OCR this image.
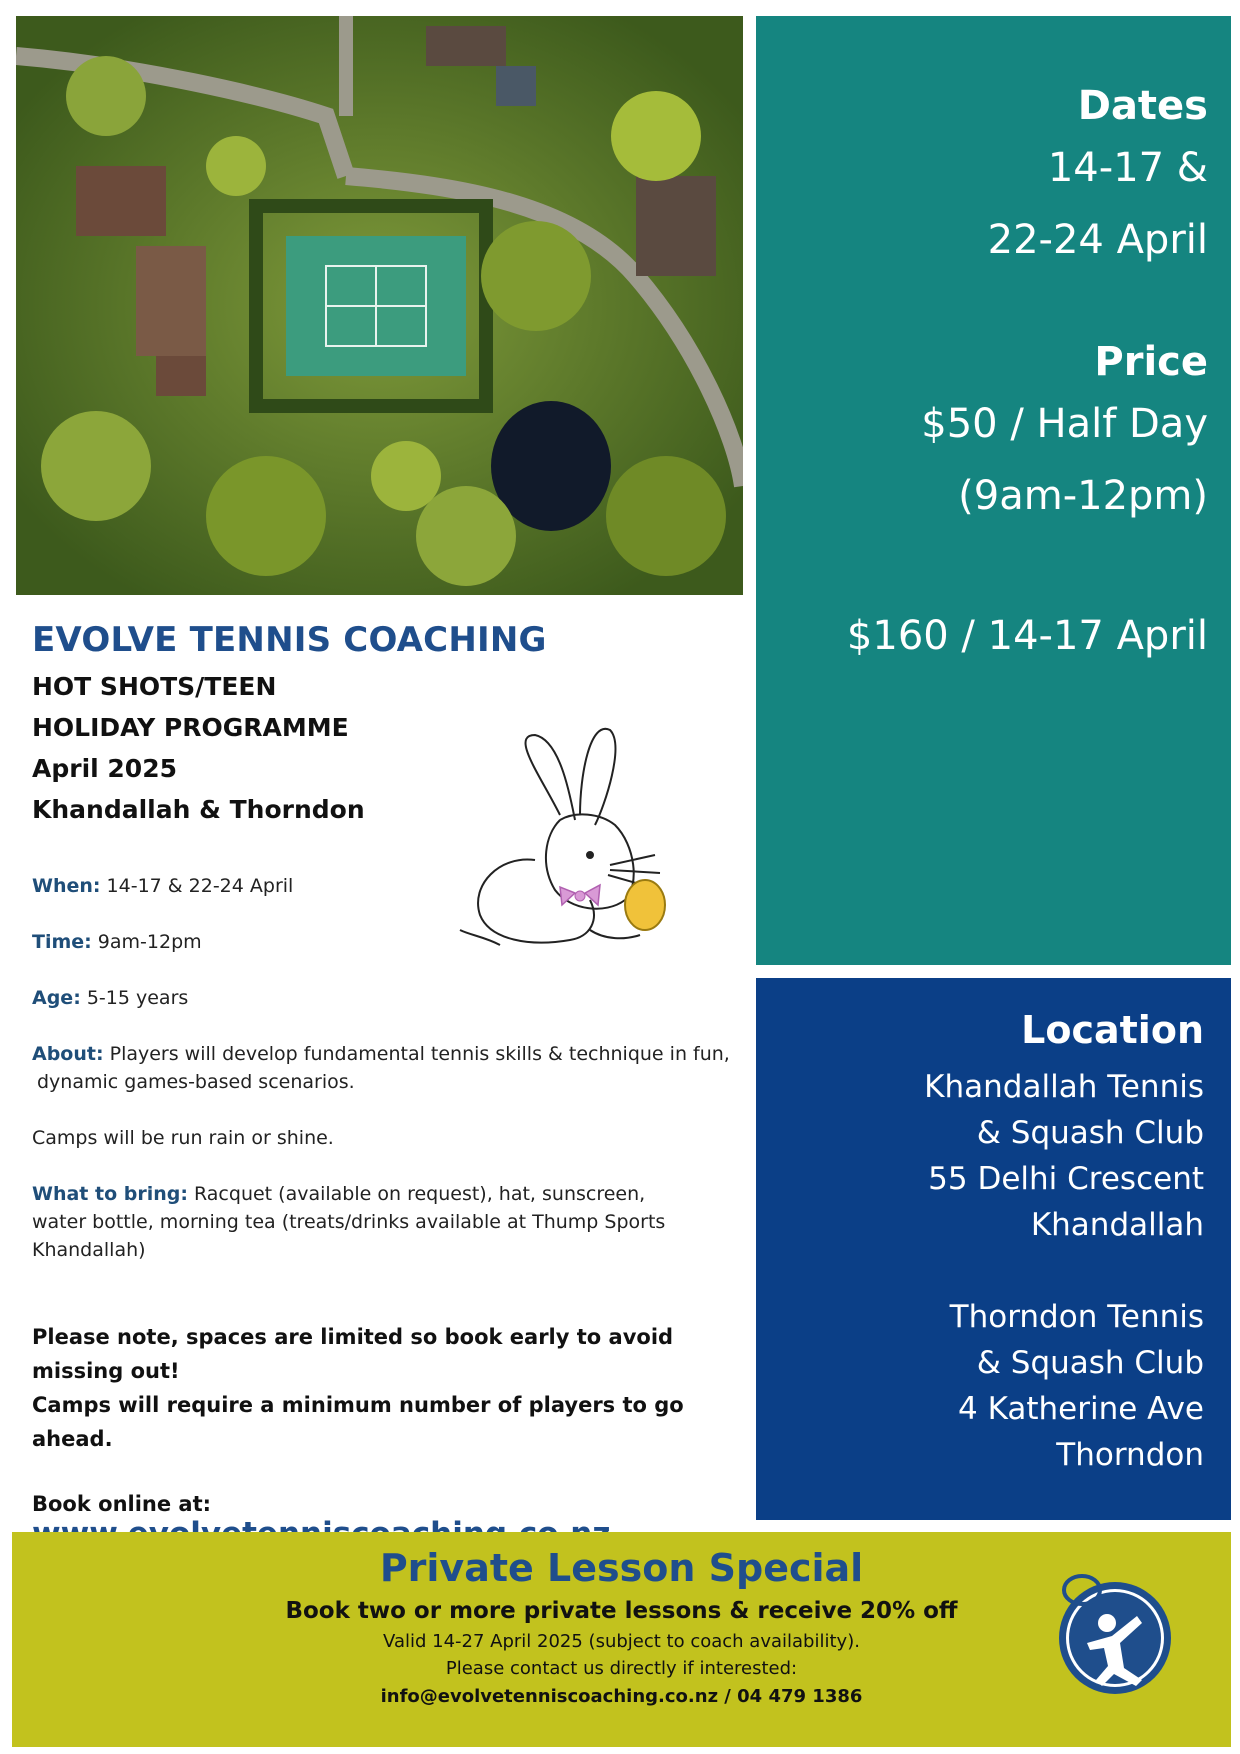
Dates
14-17 &
22-24 April
Price
$50 / Half Day
(9am-12pm)
$160 / 14-17 April
Location
Khandallah Tennis
& Squash Club
55 Delhi Crescent
Khandallah
Thorndon Tennis
& Squash Club
4 Katherine Ave
Thorndon
EVOLVE TENNIS COACHING
HOT SHOTS/TEEN
HOLIDAY PROGRAMME
April 2025
Khandallah & Thorndon
When: 14-17 & 22-24 April
Time: 9am-12pm
Age: 5-15 years
About: Players will develop fundamental tennis skills & technique in fun,
dynamic games-based scenarios.
Camps will be run rain or shine.
What to bring: Racquet (available on request), hat, sunscreen,
water bottle, morning tea (treats/drinks available at Thump Sports
Khandallah)
Please note, spaces are limited so book early to avoid missing out!
Camps will require a minimum number of players to go ahead.
Book online at:
Private Lesson Special
Book two or more private lessons & receive 20% off
Valid 14-27 April 2025 (subject to coach availability).
Please contact us directly if interested:
info@evolvetenniscoaching.co.nz / 04 479 1386
